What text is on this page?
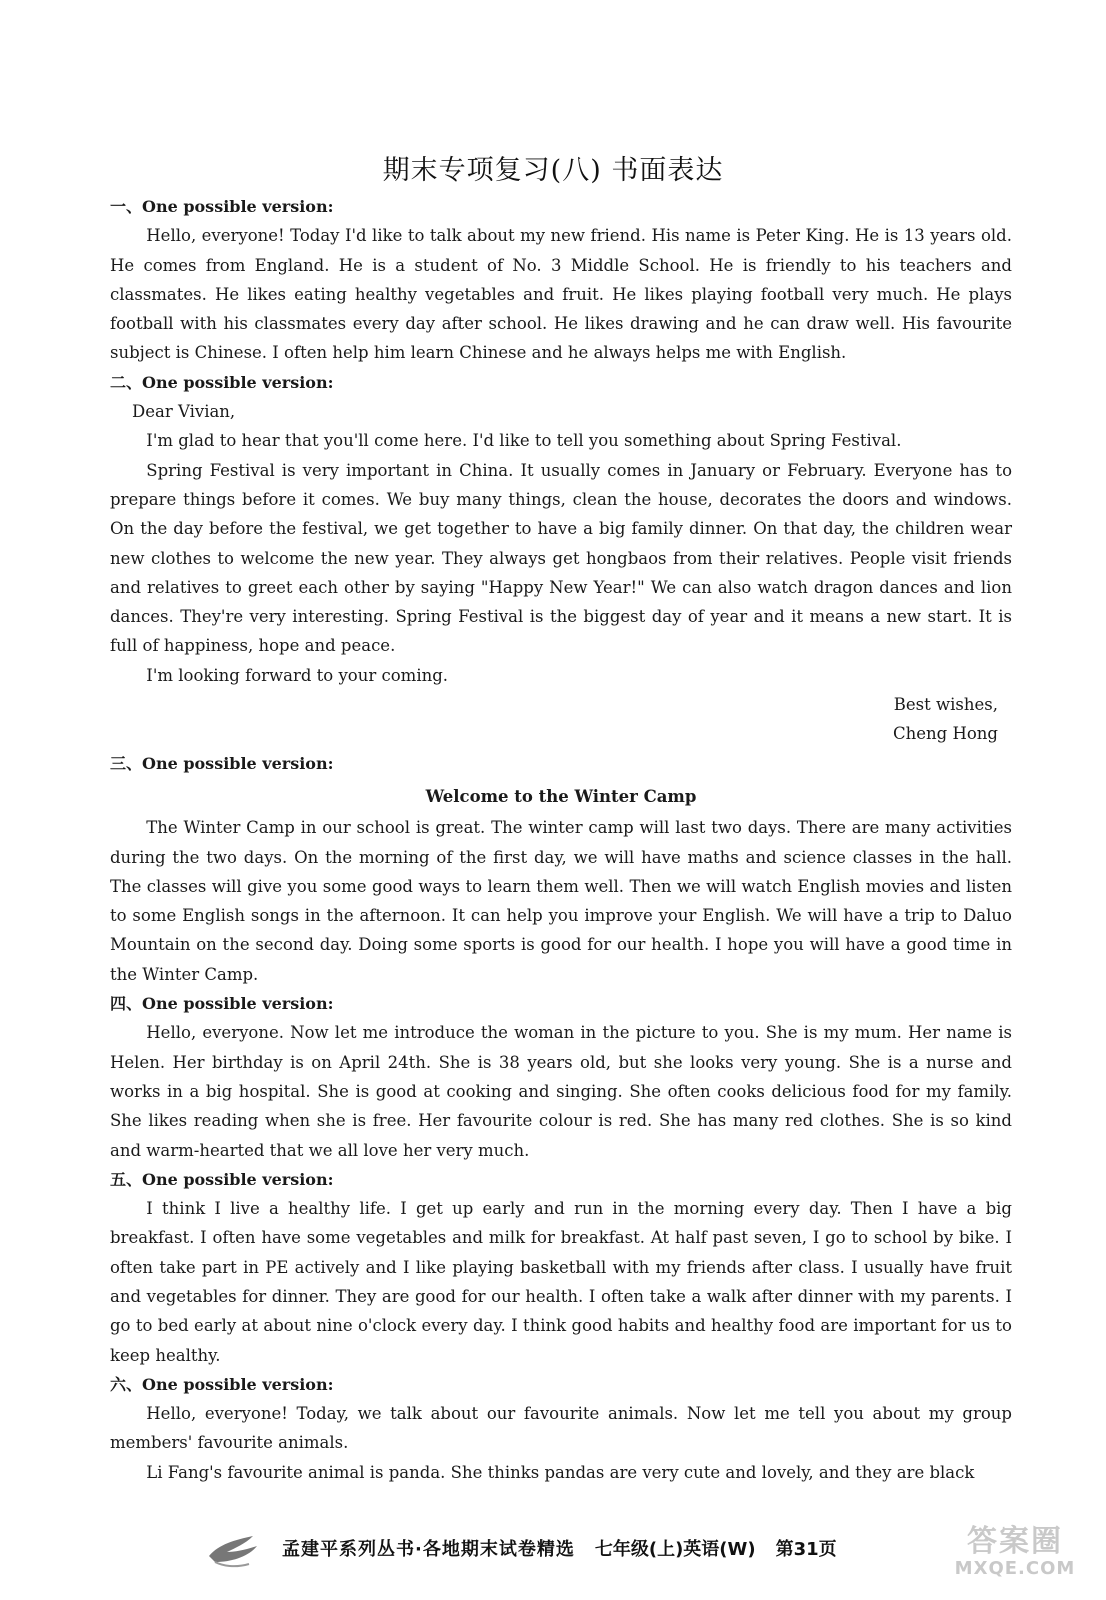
期末专项复习(八) 书面表达
一、One possible version:

Hello, everyone! Today I'd like to talk about my new friend. His name is Peter King. He is 13 years old. He comes from England. He is a student of No. 3 Middle School. He is friendly to his teachers and classmates. He likes eating healthy vegetables and fruit. He likes playing football very much. He plays football with his classmates every day after school. He likes drawing and he can draw well. His favourite subject is Chinese. I often help him learn Chinese and he always helps me with English.

二、One possible version:

Dear Vivian,

I'm glad to hear that you'll come here. I'd like to tell you something about Spring Festival.

Spring Festival is very important in China. It usually comes in January or February. Everyone has to prepare things before it comes. We buy many things, clean the house, decorates the doors and windows. On the day before the festival, we get together to have a big family dinner. On that day, the children wear new clothes to welcome the new year. They always get hongbaos from their relatives. People visit friends and relatives to greet each other by saying "Happy New Year!" We can also watch dragon dances and lion dances. They're very interesting. Spring Festival is the biggest day of year and it means a new start. It is full of happiness, hope and peace.

I'm looking forward to your coming.

Best wishes,

Cheng Hong

三、One possible version:

Welcome to the Winter Camp

The Winter Camp in our school is great. The winter camp will last two days. There are many activities during the two days. On the morning of the first day, we will have maths and science classes in the hall. The classes will give you some good ways to learn them well. Then we will watch English movies and listen to some English songs in the afternoon. It can help you improve your English. We will have a trip to Daluo Mountain on the second day. Doing some sports is good for our health. I hope you will have a good time in the Winter Camp.

四、One possible version:

Hello, everyone. Now let me introduce the woman in the picture to you. She is my mum. Her name is Helen. Her birthday is on April 24th. She is 38 years old, but she looks very young. She is a nurse and works in a big hospital. She is good at cooking and singing. She often cooks delicious food for my family. She likes reading when she is free. Her favourite colour is red. She has many red clothes. She is so kind and warm-hearted that we all love her very much.

五、One possible version:

I think I live a healthy life. I get up early and run in the morning every day. Then I have a big breakfast. I often have some vegetables and milk for breakfast. At half past seven, I go to school by bike. I often take part in PE actively and I like playing basketball with my friends after class. I usually have fruit and vegetables for dinner. They are good for our health. I often take a walk after dinner with my parents. I go to bed early at about nine o'clock every day. I think good habits and healthy food are important for us to keep healthy.

六、One possible version:

Hello, everyone! Today, we talk about our favourite animals. Now let me tell you about my group members' favourite animals.

Li Fang's favourite animal is panda. She thinks pandas are very cute and lovely, and they are black

孟建平系列丛书·各地期末试卷精选 七年级(上)英语(W) 第31页	答案圈
MXQE.COM
